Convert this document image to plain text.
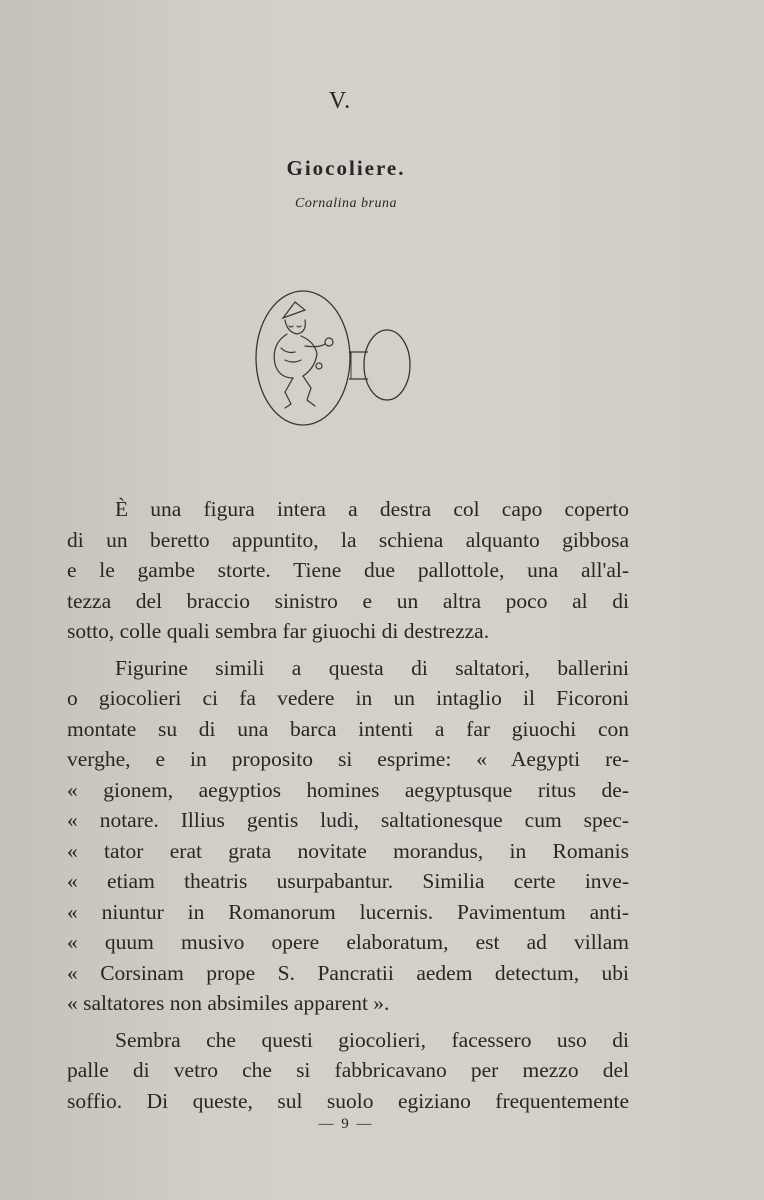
V.
Giocoliere.
Cornalina bruna

È una figura intera a destra col capo coperto
di un beretto appuntito, la schiena alquanto gibbosa
e le gambe storte. Tiene due pallottole, una all'al-
tezza del braccio sinistro e un altra poco al di
sotto, colle quali sembra far giuochi di destrezza.

Figurine simili a questa di saltatori, ballerini
o giocolieri ci fa vedere in un intaglio il Ficoroni
montate su di una barca intenti a far giuochi con
verghe, e in proposito si esprime: « Aegypti re-
« gionem, aegyptios homines aegyptusque ritus de-
« notare. Illius gentis ludi, saltationesque cum spec-
« tator erat grata novitate morandus, in Romanis
« etiam theatris usurpabantur. Similia certe inve-
« niuntur in Romanorum lucernis. Pavimentum anti-
« quum musivo opere elaboratum, est ad villam
« Corsinam prope S. Pancratii aedem detectum, ubi
« saltatores non absimiles apparent ».

Sembra che questi giocolieri, facessero uso di
palle di vetro che si fabbricavano per mezzo del
soffio. Di queste, sul suolo egiziano frequentemente

— 9 —
